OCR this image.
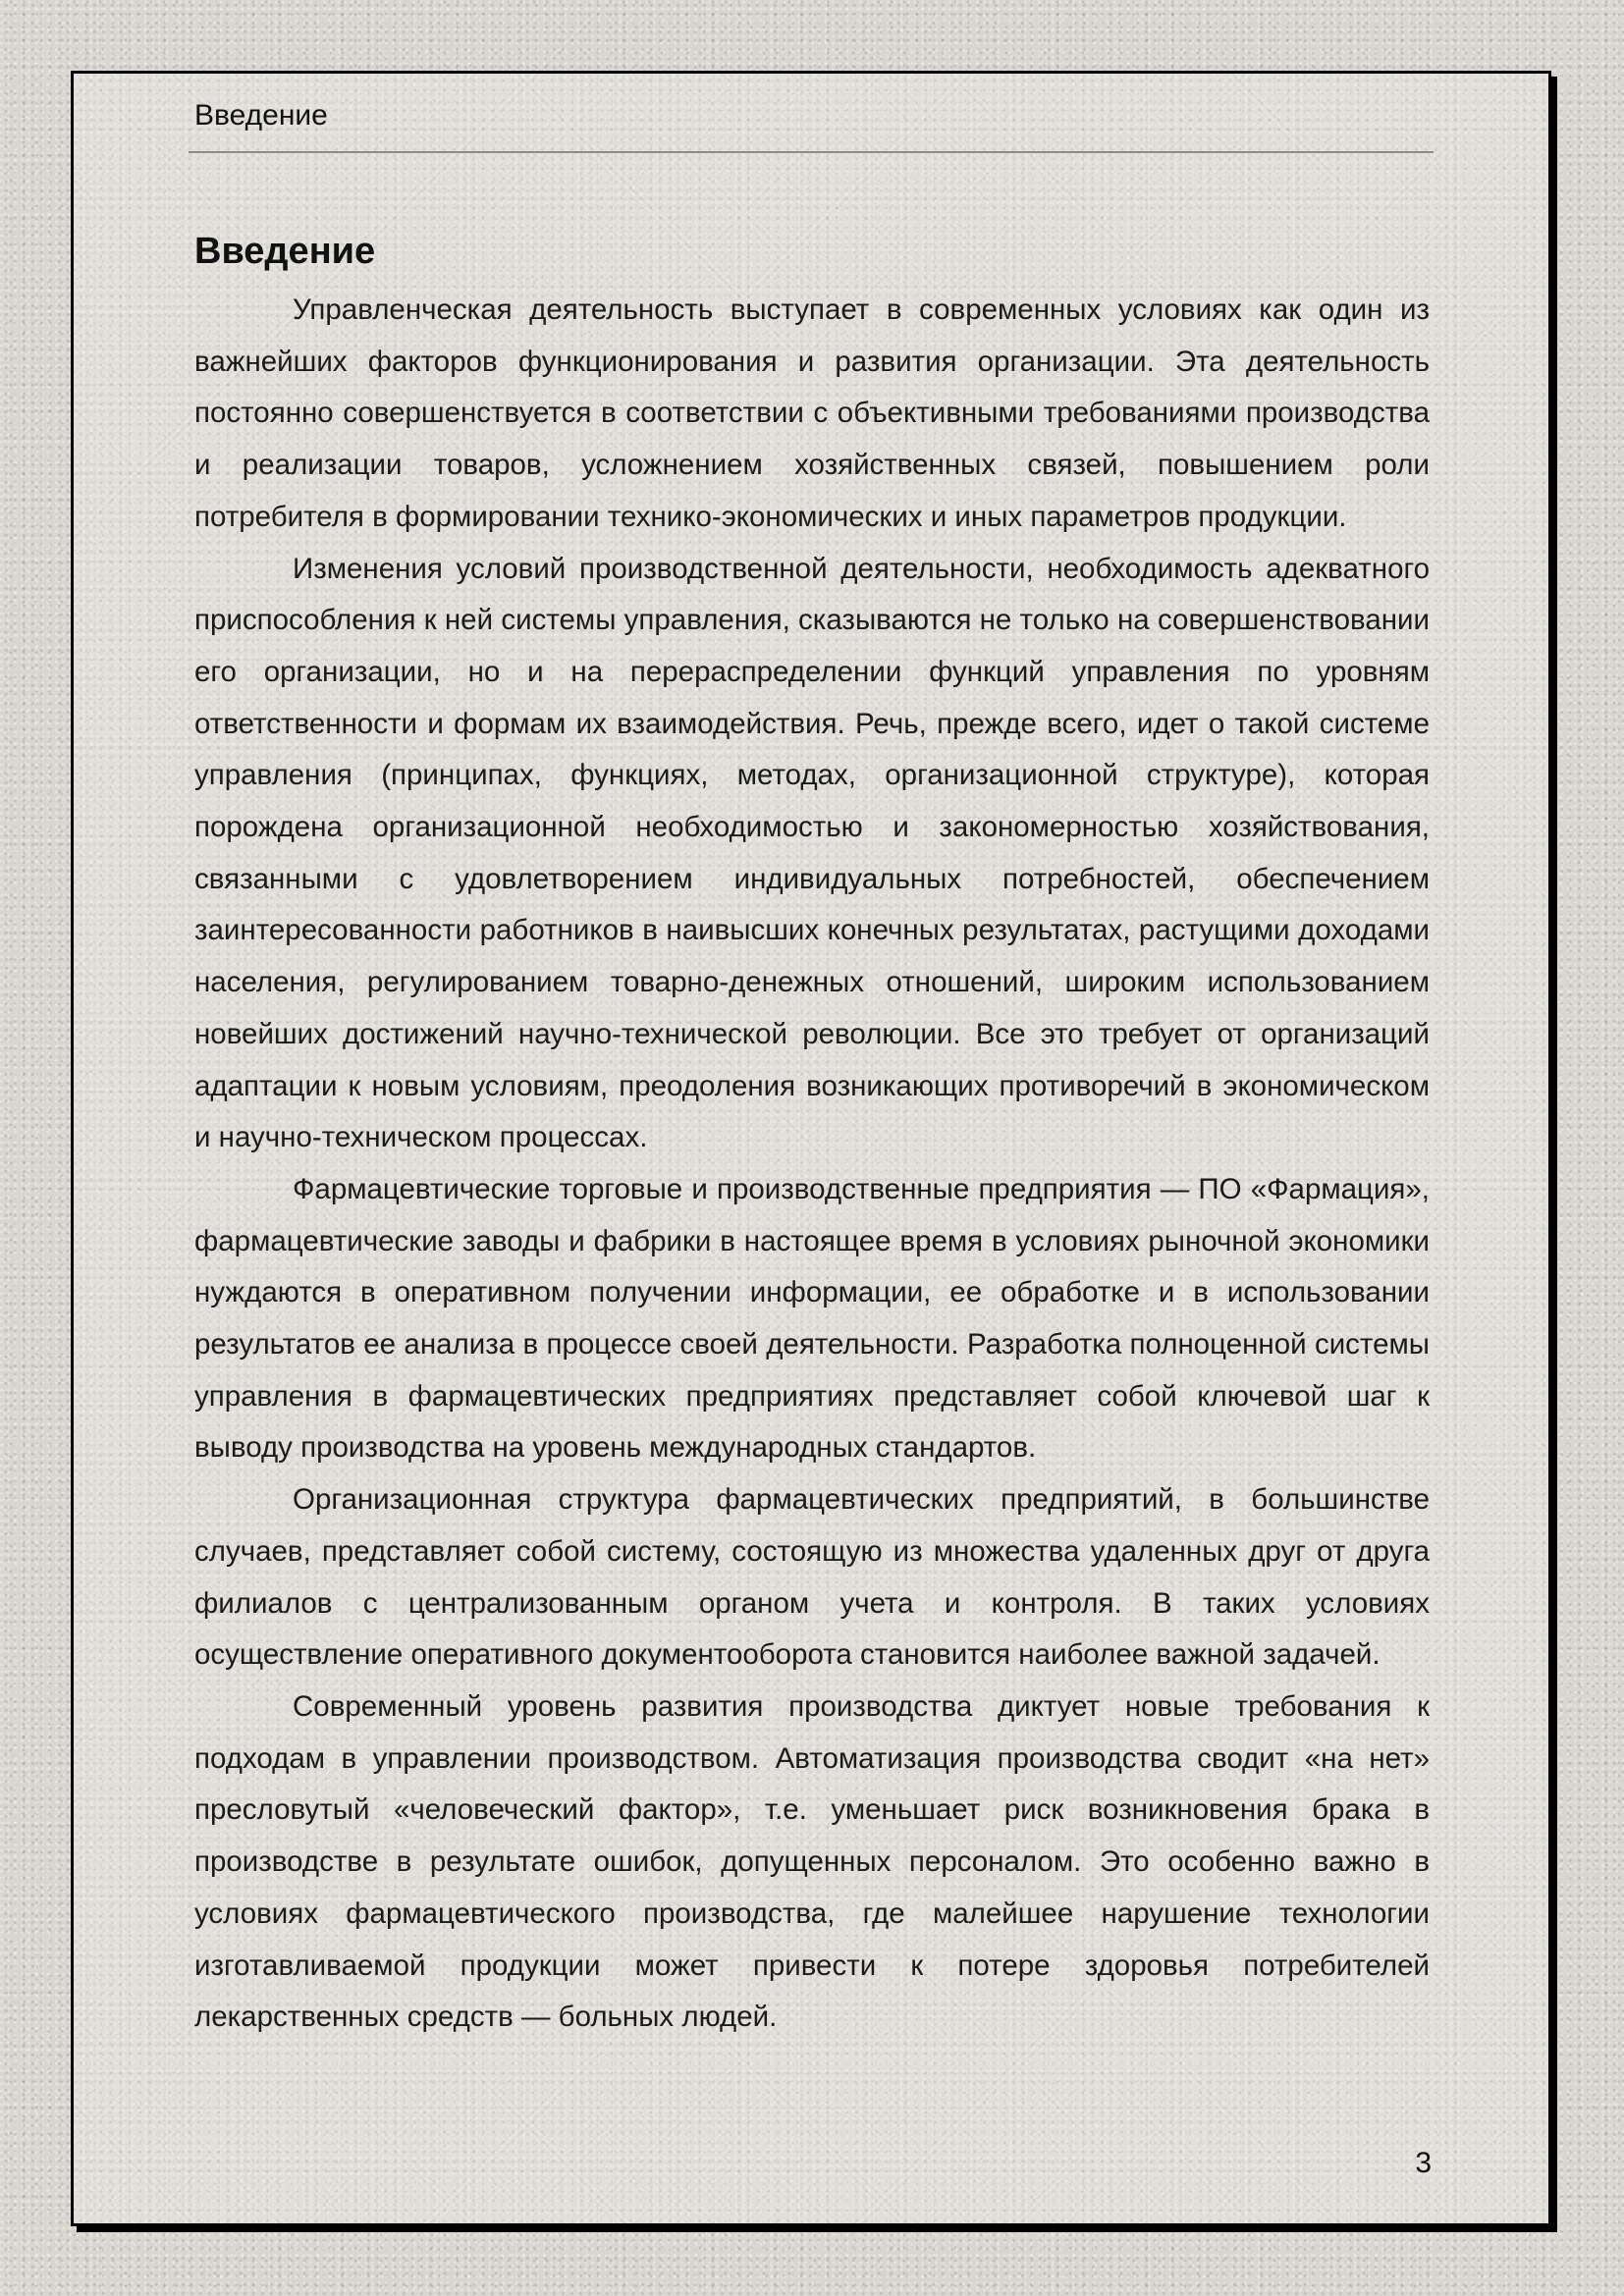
Введение
Введение

Управленческая деятельность выступает в современных условиях как один из важнейших факторов функционирования и развития организации. Эта деятельность постоянно совершенствуется в соответствии с объективными требованиями производства и реализации товаров, усложнением хозяйственных связей, повышением роли потребителя в формировании технико-экономических и иных параметров продукции.

Изменения условий производственной деятельности, необходимость адекватного приспособления к ней системы управления, сказываются не только на совершенствовании его организации, но и на перераспределении функций управления по уровням ответственности и формам их взаимодействия. Речь, прежде всего, идет о такой системе управления (принципах, функциях, методах, организационной структуре), которая порождена организационной необходимостью и закономерностью хозяйствования, связанными с удовлетворением индивидуальных потребностей, обеспечением заинтересованности работников в наивысших конечных результатах, растущими доходами населения, регулированием товарно-денежных отношений, широким использованием новейших достижений научно-технической революции. Все это требует от организаций адаптации к новым условиям, преодоления возникающих противоречий в экономическом и научно-техническом процессах.

Фармацевтические торговые и производственные предприятия — ПО «Фармация», фармацевтические заводы и фабрики в настоящее время в условиях рыночной экономики нуждаются в оперативном получении информации, ее обработке и в использовании результатов ее анализа в процессе своей деятельности. Разработка полноценной системы управления в фармацевтических предприятиях представляет собой ключевой шаг к выводу производства на уровень международных стандартов.

Организационная структура фармацевтических предприятий, в большинстве случаев, представляет собой систему, состоящую из множества удаленных друг от друга филиалов с централизованным органом учета и контроля. В таких условиях осуществление оперативного документооборота становится наиболее важной задачей.

Современный уровень развития производства диктует новые требования к подходам в управлении производством. Автоматизация производства сводит «на нет» пресловутый «человеческий фактор», т.е. уменьшает риск возникновения брака в производстве в результате ошибок, допущенных персоналом. Это особенно важно в условиях фармацевтического производства, где малейшее нарушение технологии изготавливаемой продукции может привести к потере здоровья потребителей лекарственных средств — больных людей.

3
